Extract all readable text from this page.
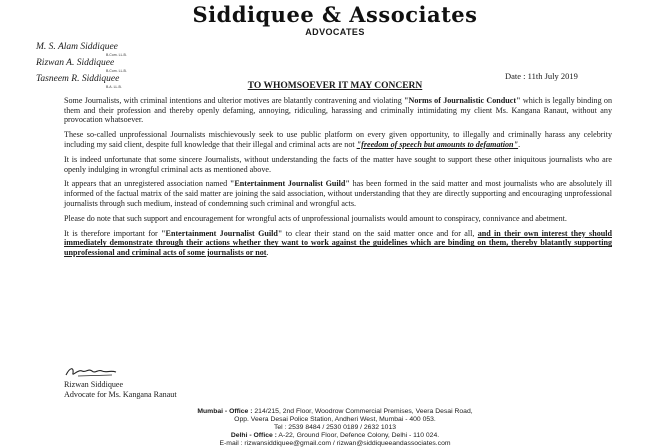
Siddiquee & Associates
ADVOCATES
M. S. Alam Siddiquee
B.Com. LL.B.
Rizwan A. Siddiquee
B.Com. LL.B.
Tasneem R. Siddiquee
B.A. LL.B.
Date : 11th July 2019
TO WHOMSOEVER IT MAY CONCERN

Some Journalists, with criminal intentions and ulterior motives are blatantly contravening and violating "Norms of Journalistic Conduct" which is legally binding on them and their profession and thereby openly defaming, annoying, ridiculing, harassing and criminally intimidating my client Ms. Kangana Ranaut, without any provocation whatsoever.

These so-called unprofessional Journalists mischievously seek to use public platform on every given opportunity, to illegally and criminally harass any celebrity including my said client, despite full knowledge that their illegal and criminal acts are not "freedom of speech but amounts to defamation".

It is indeed unfortunate that some sincere Journalists, without understanding the facts of the matter have sought to support these other iniquitous journalists who are openly indulging in wrongful criminal acts as mentioned above.

It appears that an unregistered association named "Entertainment Journalist Guild" has been formed in the said matter and most journalists who are absolutely ill informed of the factual matrix of the said matter are joining the said association, without understanding that they are directly supporting and encouraging unprofessional journalists through such medium, instead of condemning such criminal and wrongful acts.

Please do note that such support and encouragement for wrongful acts of unprofessional journalists would amount to conspiracy, connivance and abetment.

It is therefore important for "Entertainment Journalist Guild" to clear their stand on the said matter once and for all, and in their own interest they should immediately demonstrate through their actions whether they want to work against the guidelines which are binding on them, thereby blatantly supporting unprofessional and criminal acts of some journalists or not.

Rizwan Siddiquee
Advocate for Ms. Kangana Ranaut
Mumbai - Office : 214/215, 2nd Floor, Woodrow Commercial Premises, Veera Desai Road,
Opp. Veera Desai Police Station, Andheri West, Mumbai - 400 053.
Tel : 2539 8484 / 2530 0189 / 2632 1013
Delhi - Office : A-22, Ground Floor, Defence Colony, Delhi - 110 024.
E-mail : rizwansiddiquee@gmail.com / rizwan@siddiqueeandassociates.com
